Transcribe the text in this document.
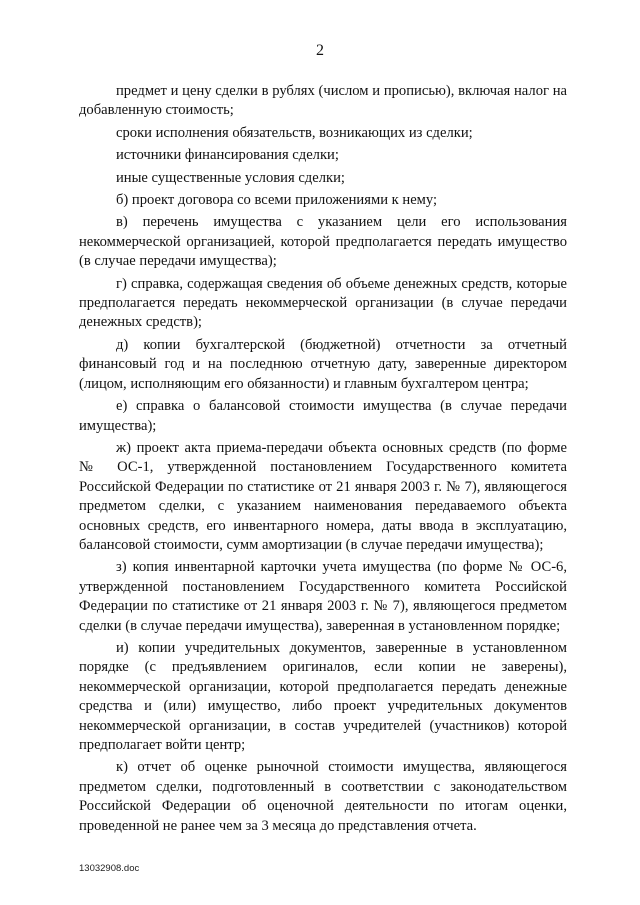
2

предмет и цену сделки в рублях (числом и прописью), включая налог на добавленную стоимость;

сроки исполнения обязательств, возникающих из сделки;

источники финансирования сделки;

иные существенные условия сделки;

б) проект договора со всеми приложениями к нему;

в) перечень имущества с указанием цели его использования некоммерческой организацией, которой предполагается передать имущество (в случае передачи имущества);

г) справка, содержащая сведения об объеме денежных средств, которые предполагается передать некоммерческой организации (в случае передачи денежных средств);

д) копии бухгалтерской (бюджетной) отчетности за отчетный финансовый год и на последнюю отчетную дату, заверенные директором (лицом, исполняющим его обязанности) и главным бухгалтером центра;

е) справка о балансовой стоимости имущества (в случае передачи имущества);

ж) проект акта приема-передачи объекта основных средств (по форме № ОС-1, утвержденной постановлением Государственного комитета Российской Федерации по статистике от 21 января 2003 г. № 7), являющегося предметом сделки, с указанием наименования передаваемого объекта основных средств, его инвентарного номера, даты ввода в эксплуатацию, балансовой стоимости, сумм амортизации (в случае передачи имущества);

з) копия инвентарной карточки учета имущества (по форме № ОС-6, утвержденной постановлением Государственного комитета Российской Федерации по статистике от 21 января 2003 г. № 7), являющегося предметом сделки (в случае передачи имущества), заверенная в установленном порядке;

и) копии учредительных документов, заверенные в установленном порядке (с предъявлением оригиналов, если копии не заверены), некоммерческой организации, которой предполагается передать денежные средства и (или) имущество, либо проект учредительных документов некоммерческой организации, в состав учредителей (участников) которой предполагает войти центр;

к) отчет об оценке рыночной стоимости имущества, являющегося предметом сделки, подготовленный в соответствии с законодательством Российской Федерации об оценочной деятельности по итогам оценки, проведенной не ранее чем за 3 месяца до представления отчета.

13032908.doc
